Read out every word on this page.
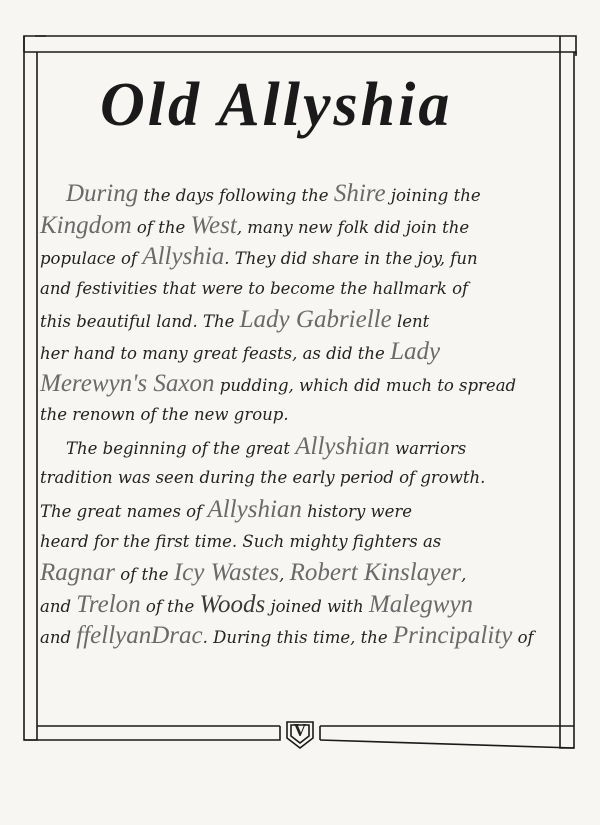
Old Allyshia
During the days following the Shire joining the
Kingdom of the West, many new folk did join the
populace of Allyshia. They did share in the joy, fun
and festivities that were to become the hallmark of
this beautiful land. The Lady Gabrielle lent
her hand to many great feasts, as did the Lady
Merewyn's Saxon pudding, which did much to spread
the renown of the new group.
The beginning of the great Allyshian warriors
tradition was seen during the early period of growth.
The great names of Allyshian history were
heard for the first time. Such mighty fighters as
Ragnar of the Icy Wastes, Robert Kinslayer,
and Trelon of the Woods joined with Malegwyn
and ffellyanDrac. During this time, the Principality of
V
